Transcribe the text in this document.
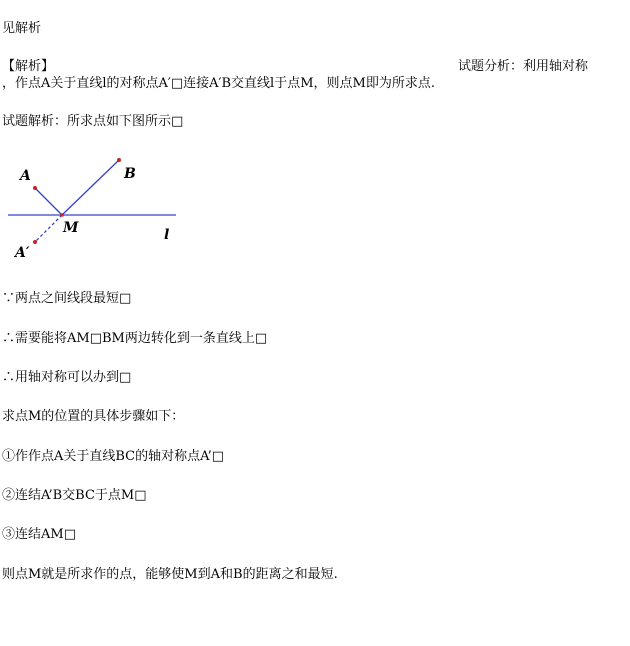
见解析
【解析】	试题分析：利用轴对称
，作点A关于直线l的对称点A′□连接A′B交直线l于点M，则点M即为所求点.
试题解析：所求点如下图所示□
A	B
M	l
A′
∵两点之间线段最短□
∴需要能将AM□BM两边转化到一条直线上□
∴用轴对称可以办到□
求点M的位置的具体步骤如下：
①作作点A关于直线BC的轴对称点A’□
②连结A’B交BC于点M□
③连结AM□
则点M就是所求作的点，能够使M到A和B的距离之和最短.
